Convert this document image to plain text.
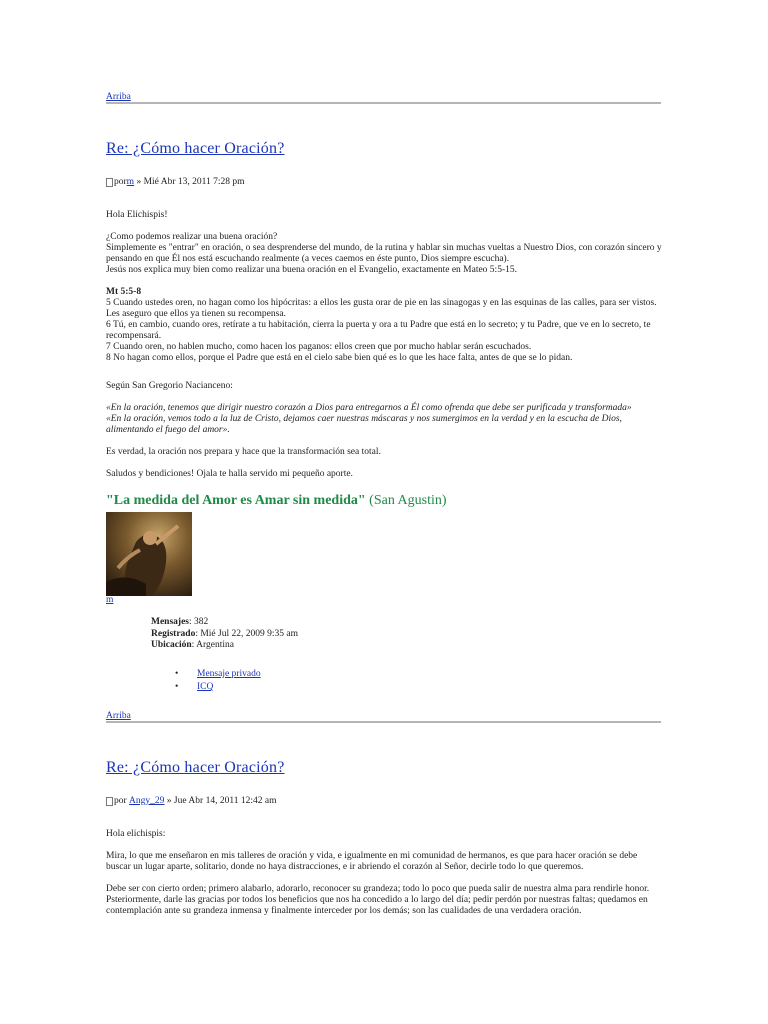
Arriba
Re: ¿Cómo hacer Oración?
por m
» Mié Abr 13, 2011 7:28 pm

Hola Elichispis!

¿Como podemos realizar una buena oración?

Simplemente es "entrar" en oración, o sea desprenderse del mundo, de la rutina y hablar sin muchas vueltas a Nuestro Dios, con corazón sincero y pensando en que Él nos está escuchando realmente (a veces caemos en éste punto, Dios siempre escucha).

Jesús nos explica muy bien como realizar una buena oración en el Evangelio, exactamente en Mateo 5:5-15.

Mt 5:5-8

5 Cuando ustedes oren, no hagan como los hipócritas: a ellos les gusta orar de pie en las sinagogas y en las esquinas de las calles, para ser vistos. Les aseguro que ellos ya tienen su recompensa.

6 Tú, en cambio, cuando ores, retírate a tu habitación, cierra la puerta y ora a tu Padre que está en lo secreto; y tu Padre, que ve en lo secreto, te recompensará.

7 Cuando oren, no hablen mucho, como hacen los paganos: ellos creen que por mucho hablar serán escuchados.

8 No hagan como ellos, porque el Padre que está en el cielo sabe bien qué es lo que les hace falta, antes de que se lo pidan.

Según San Gregorio Nacianceno:

«En la oración, tenemos que dirigir nuestro corazón a Dios para entregarnos a Él como ofrenda que debe ser purificada y transformada»

«En la oración, vemos todo a la luz de Cristo, dejamos caer nuestras máscaras y nos sumergimos en la verdad y en la escucha de Dios, alimentando el fuego del amor».

Es verdad, la oración nos prepara y hace que la transformación sea total.

Saludos y bendiciones! Ojala te halla servido mi pequeño aporte.

"La medida del Amor es Amar sin medida" (San Agustin)
m
Mensajes: 382
Registrado: Mié Jul 22, 2009 9:35 am
Ubicación: Argentina
• Mensaje privado
• ICQ
Arriba
Re: ¿Cómo hacer Oración?
por
Angy_29
» Jue Abr 14, 2011 12:42 am

Hola elichispis:

Mira, lo que me enseñaron en mis talleres de oración y vida, e igualmente en mi comunidad de hermanos, es que para hacer oración se debe buscar un lugar aparte, solitario, donde no haya distracciones, e ir abriendo el corazón al Señor, decirle todo lo que queremos.

Debe ser con cierto orden; primero alabarlo, adorarlo, reconocer su grandeza; todo lo poco que pueda salir de nuestra alma para rendirle honor. Psteriormente, darle las gracias por todos los beneficios que nos ha concedido a lo largo del día; pedir perdón por nuestras faltas; quedamos en contemplación ante su grandeza inmensa y finalmente interceder por los demás; son las cualidades de una verdadera oración.
